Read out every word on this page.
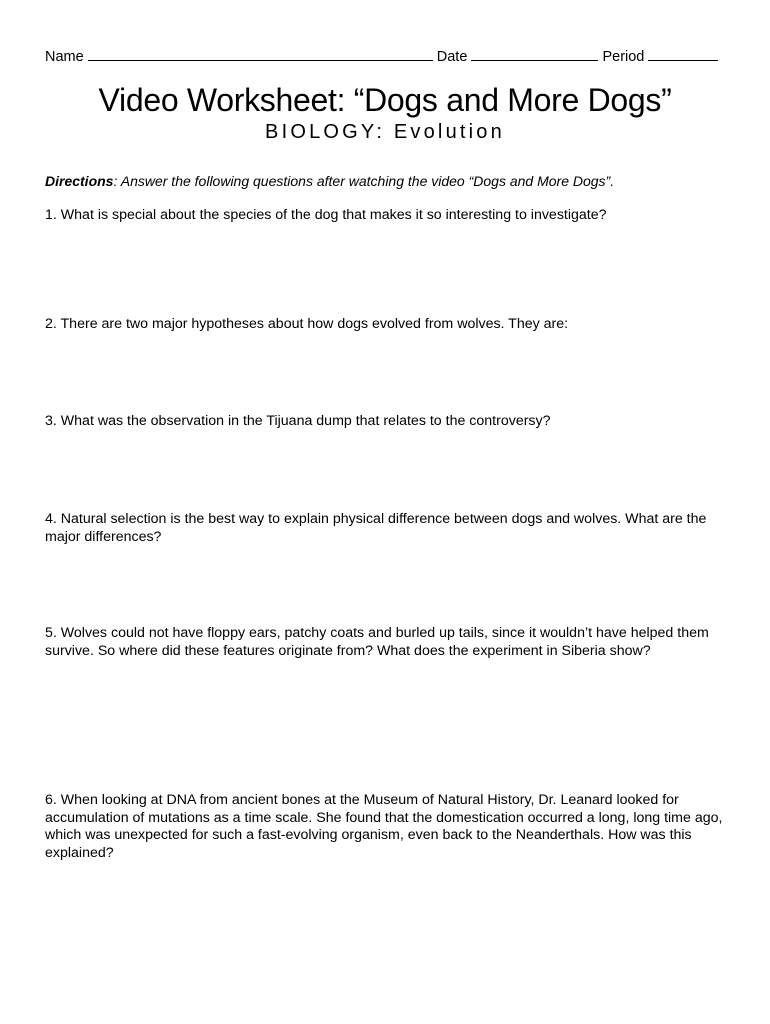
Name	Date	Period
Video Worksheet: “Dogs and More Dogs”
BIOLOGY: Evolution
Directions: Answer the following questions after watching the video “Dogs and More Dogs”.
1. What is special about the species of the dog that makes it so interesting to investigate?
2. There are two major hypotheses about how dogs evolved from wolves. They are:
3. What was the observation in the Tijuana dump that relates to the controversy?
4. Natural selection is the best way to explain physical difference between dogs and wolves. What are the major differences?
5. Wolves could not have floppy ears, patchy coats and burled up tails, since it wouldn’t have helped them survive. So where did these features originate from? What does the experiment in Siberia show?
6. When looking at DNA from ancient bones at the Museum of Natural History, Dr. Leanard looked for accumulation of mutations as a time scale. She found that the domestication occurred a long, long time ago, which was unexpected for such a fast-evolving organism, even back to the Neanderthals. How was this explained?
